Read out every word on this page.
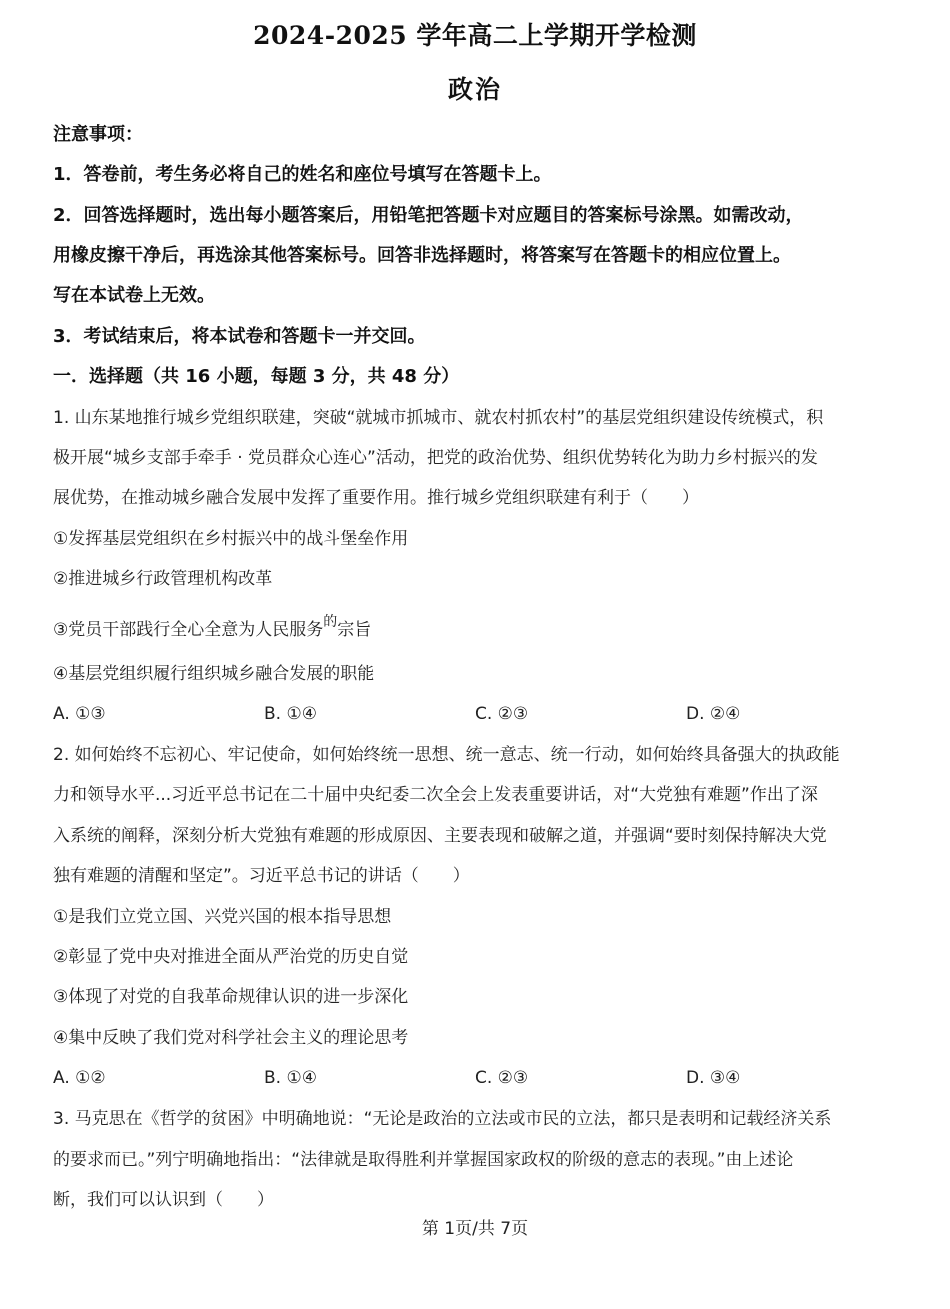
2024-2025 学年高二上学期开学检测
政治
注意事项：
1．答卷前，考生务必将自己的姓名和座位号填写在答题卡上。
2．回答选择题时，选出每小题答案后，用铅笔把答题卡对应题目的答案标号涂黑。如需改动，
用橡皮擦干净后，再选涂其他答案标号。回答非选择题时，将答案写在答题卡的相应位置上。
写在本试卷上无效。
3．考试结束后，将本试卷和答题卡一并交回。
一．选择题（共 16 小题，每题 3 分，共 48 分）
1. 山东某地推行城乡党组织联建，突破“就城市抓城市、就农村抓农村”的基层党组织建设传统模式，积
极开展“城乡支部手牵手 · 党员群众心连心”活动，把党的政治优势、组织优势转化为助力乡村振兴的发
展优势，在推动城乡融合发展中发挥了重要作用。推行城乡党组织联建有利于（　　）
①发挥基层党组织在乡村振兴中的战斗堡垒作用
②推进城乡行政管理机构改革
③党员干部践行全心全意为人民服务$^的$宗旨
④基层党组织履行组织城乡融合发展的职能
A. ①③	B. ①④	C. ②③	D. ②④
2. 如何始终不忘初心、牢记使命，如何始终统一思想、统一意志、统一行动，如何始终具备强大的执政能
力和领导水平...习近平总书记在二十届中央纪委二次全会上发表重要讲话，对“大党独有难题”作出了深
入系统的阐释，深刻分析大党独有难题的形成原因、主要表现和破解之道，并强调“要时刻保持解决大党
独有难题的清醒和坚定”。习近平总书记的讲话（　　）
①是我们立党立国、兴党兴国的根本指导思想
②彰显了党中央对推进全面从严治党的历史自觉
③体现了对党的自我革命规律认识的进一步深化
④集中反映了我们党对科学社会主义的理论思考
A. ①②	B. ①④	C. ②③	D. ③④
3. 马克思在《哲学的贫困》中明确地说：“无论是政治的立法或市民的立法，都只是表明和记载经济关系
的要求而已。”列宁明确地指出：“法律就是取得胜利并掌握国家政权的阶级的意志的表现。”由上述论
断，我们可以认识到（　　）
第 1页/共 7页
